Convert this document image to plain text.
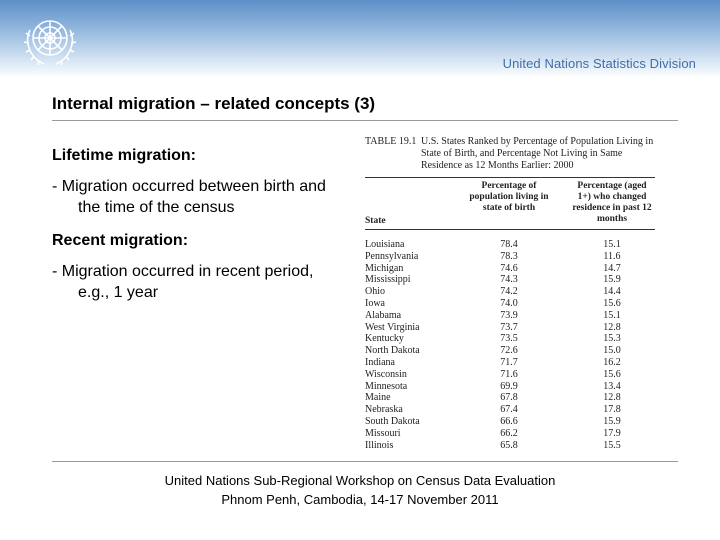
United Nations Statistics Division
Internal migration – related concepts (3)
Lifetime migration:
- Migration occurred between birth and the time of the census
Recent migration:
- Migration occurred in recent period, e.g., 1 year
TABLE 19.1 U.S. States Ranked by Percentage of Population Living in State of Birth, and Percentage Not Living in Same Residence as 12 Months Earlier: 2000
State
Percentage of population living in state of birth
Percentage (aged 1+) who changed residence in past 12 months
Louisiana	78.4	15.1
Pennsylvania	78.3	11.6
Michigan	74.6	14.7
Mississippi	74.3	15.9
Ohio	74.2	14.4
Iowa	74.0	15.6
Alabama	73.9	15.1
West Virginia	73.7	12.8
Kentucky	73.5	15.3
North Dakota	72.6	15.0
Indiana	71.7	16.2
Wisconsin	71.6	15.6
Minnesota	69.9	13.4
Maine	67.8	12.8
Nebraska	67.4	17.8
South Dakota	66.6	15.9
Missouri	66.2	17.9
Illinois	65.8	15.5
United Nations Sub-Regional Workshop on Census Data Evaluation
Phnom Penh, Cambodia, 14-17 November 2011
